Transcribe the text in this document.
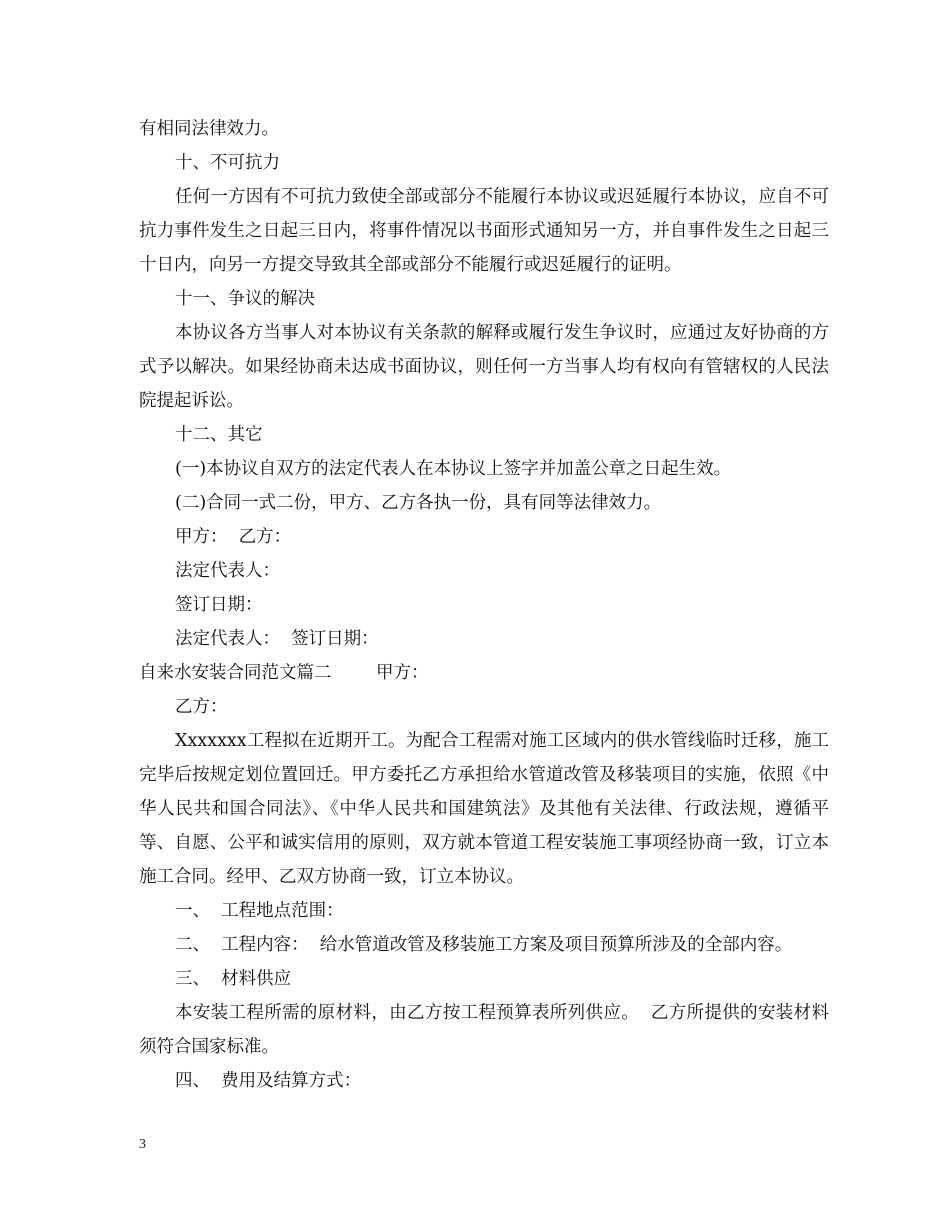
有相同法律效力。

十、不可抗力

任何一方因有不可抗力致使全部或部分不能履行本协议或迟延履行本协议，应自不可抗力事件发生之日起三日内，将事件情况以书面形式通知另一方，并自事件发生之日起三十日内，向另一方提交导致其全部或部分不能履行或迟延履行的证明。

十一、争议的解决

本协议各方当事人对本协议有关条款的解释或履行发生争议时，应通过友好协商的方式予以解决。如果经协商未达成书面协议，则任何一方当事人均有权向有管辖权的人民法院提起诉讼。

十二、其它

(一)本协议自双方的法定代表人在本协议上签字并加盖公章之日起生效。

(二)合同一式二份，甲方、乙方各执一份，具有同等法律效力。

甲方：  乙方：

法定代表人：

签订日期：

法定代表人：  签订日期：

自来水安装合同范文篇二        甲方：

乙方：

Xxxxxxx工程拟在近期开工。为配合工程需对施工区域内的供水管线临时迁移，施工完毕后按规定划位置回迁。甲方委托乙方承担给水管道改管及移装项目的实施，依照《中华人民共和国合同法》、《中华人民共和国建筑法》及其他有关法律、行政法规，遵循平等、自愿、公平和诚实信用的原则，双方就本管道工程安装施工事项经协商一致，订立本施工合同。经甲、乙双方协商一致，订立本协议。

一、  工程地点范围：

二、  工程内容：  给水管道改管及移装施工方案及项目预算所涉及的全部内容。

三、  材料供应

本安装工程所需的原材料，由乙方按工程预算表所列供应。  乙方所提供的安装材料须符合国家标准。

四、  费用及结算方式：

3
